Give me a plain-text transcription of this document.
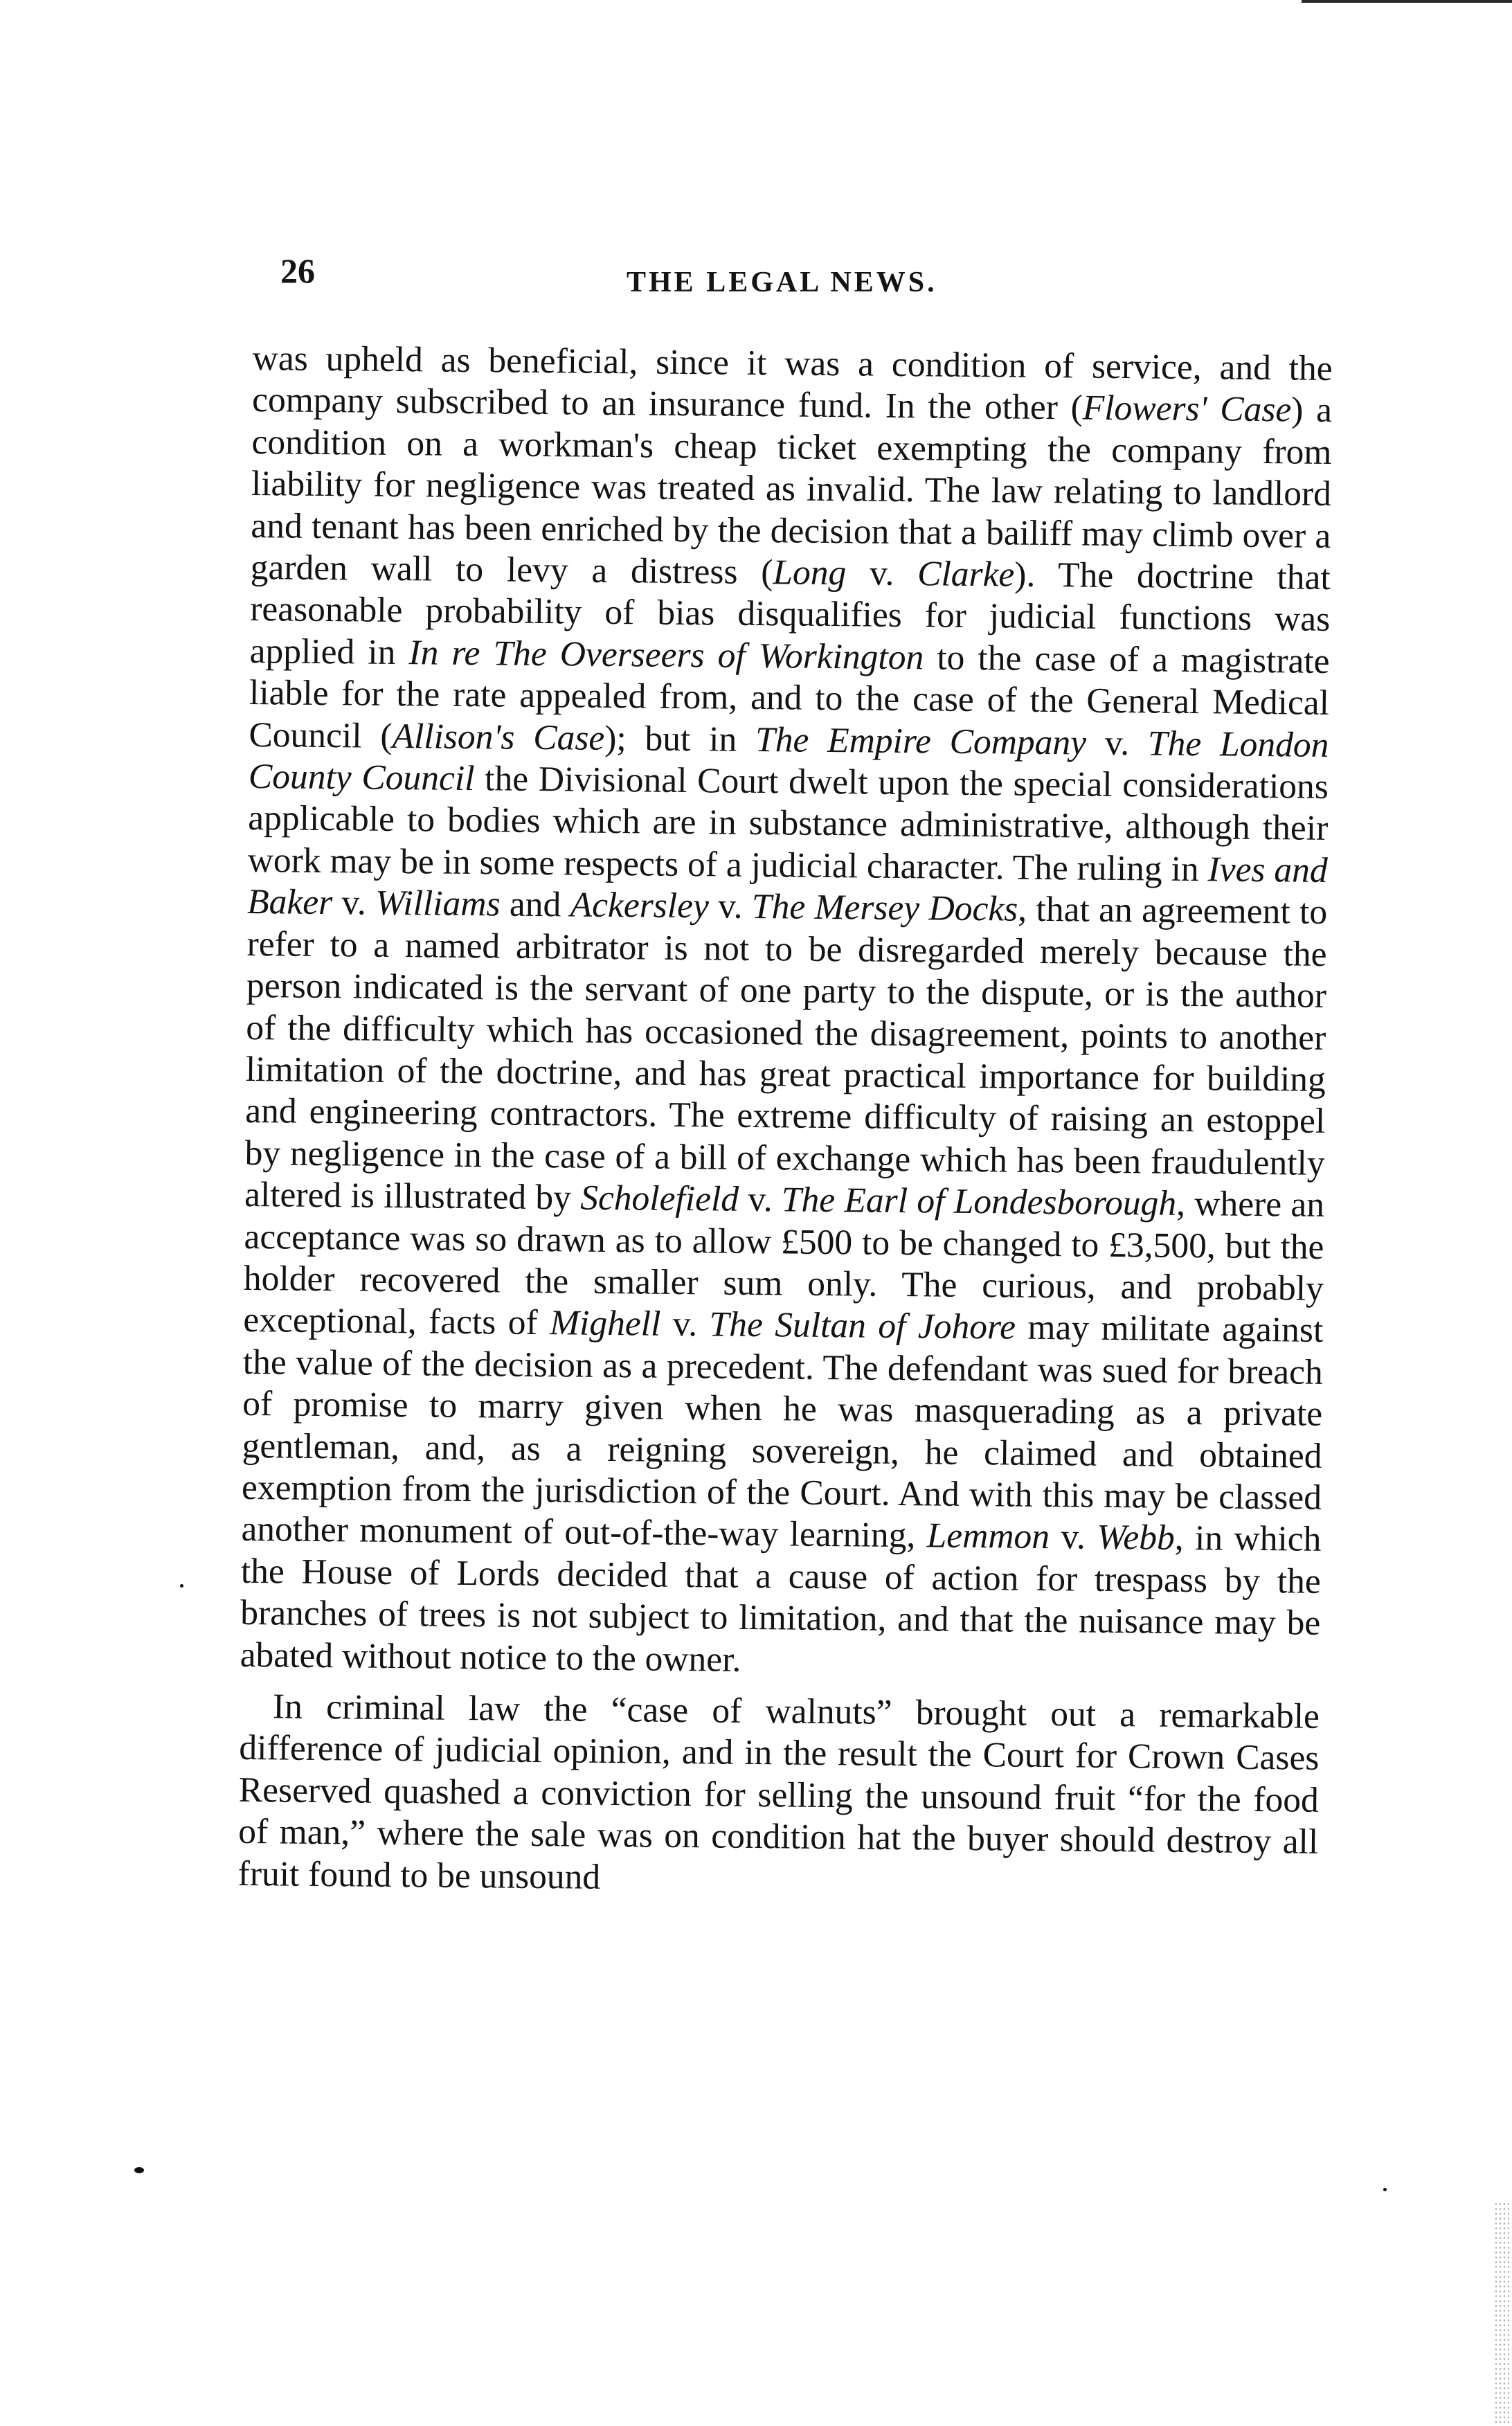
26	THE LEGAL NEWS.

was upheld as beneficial, since it was a condition of service, and the company subscribed to an insurance fund. In the other (Flowers' Case) a condition on a workman's cheap ticket exempting the company from liability for negligence was treated as invalid. The law relating to landlord and tenant has been enriched by the decision that a bailiff may climb over a garden wall to levy a distress (Long v. Clarke). The doctrine that reasonable probability of bias disqualifies for judicial functions was applied in In re The Overseers of Workington to the case of a magistrate liable for the rate appealed from, and to the case of the General Medical Council (Allison's Case); but in The Empire Company v. The London County Council the Divisional Court dwelt upon the special considerations applicable to bodies which are in substance administrative, although their work may be in some respects of a judicial character. The ruling in Ives and Baker v. Williams and Ackersley v. The Mersey Docks, that an agreement to refer to a named arbitrator is not to be disregarded merely because the person indicated is the servant of one party to the dispute, or is the author of the difficulty which has occasioned the disagreement, points to another limitation of the doctrine, and has great practical importance for building and engineering contractors. The extreme difficulty of raising an estoppel by negligence in the case of a bill of exchange which has been fraudulently altered is illustrated by Scholefield v. The Earl of Londesborough, where an acceptance was so drawn as to allow £500 to be changed to £3,500, but the holder recovered the smaller sum only. The curious, and probably exceptional, facts of Mighell v. The Sultan of Johore may militate against the value of the decision as a precedent. The defendant was sued for breach of promise to marry given when he was masquerading as a private gentleman, and, as a reigning sovereign, he claimed and obtained exemption from the jurisdiction of the Court. And with this may be classed another monument of out-of-the-way learning, Lemmon v. Webb, in which the House of Lords decided that a cause of action for trespass by the branches of trees is not subject to limitation, and that the nuisance may be abated without notice to the owner.

In criminal law the “case of walnuts” brought out a remarkable difference of judicial opinion, and in the result the Court for Crown Cases Reserved quashed a conviction for selling the unsound fruit “for the food of man,” where the sale was on condition hat the buyer should destroy all fruit found to be unsound
